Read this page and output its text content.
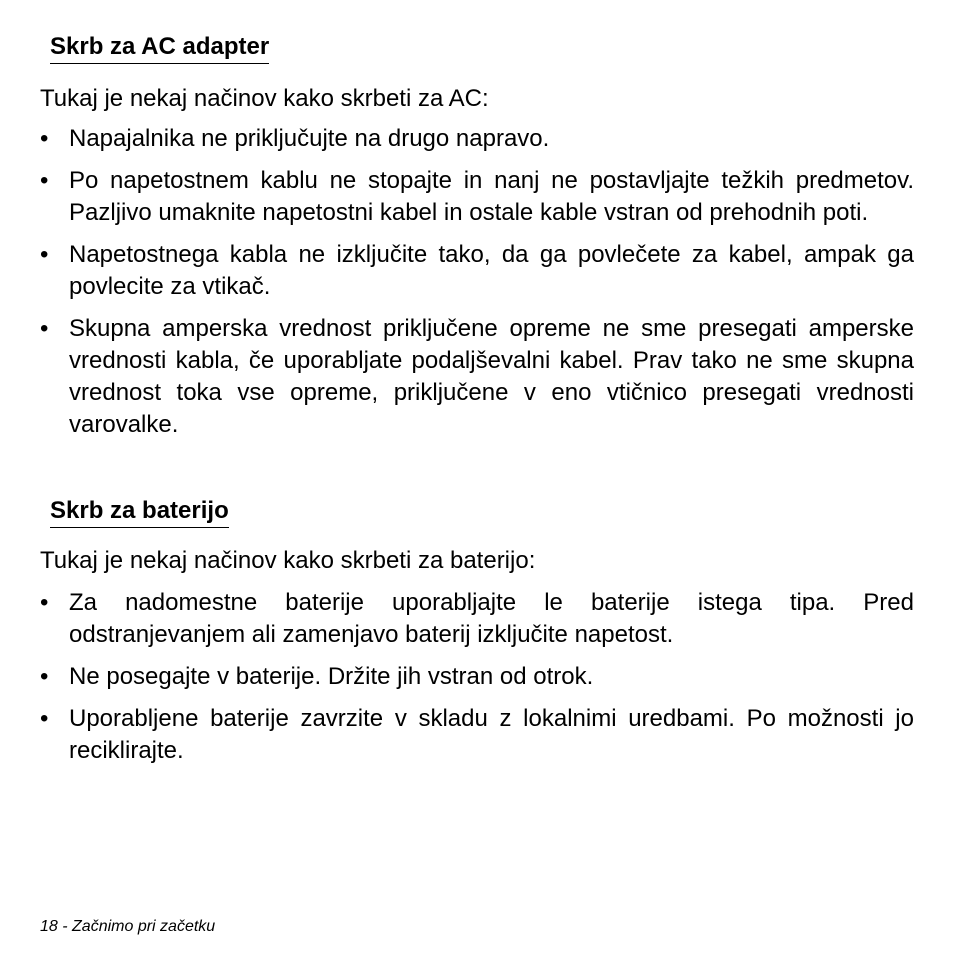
Skrb za AC adapter

Tukaj je nekaj načinov kako skrbeti za AC:

• Napajalnika ne priključujte na drugo napravo.
• Po napetostnem kablu ne stopajte in nanj ne postavljajte težkih predmetov. Pazljivo umaknite napetostni kabel in ostale kable vstran od prehodnih poti.
• Napetostnega kabla ne izključite tako, da ga povlečete za kabel, ampak ga povlecite za vtikač.
• Skupna amperska vrednost priključene opreme ne sme presegati amperske vrednosti kabla, če uporabljate podaljševalni kabel. Prav tako ne sme skupna vrednost toka vse opreme, priključene v eno vtičnico presegati vrednosti varovalke.
Skrb za baterijo

Tukaj je nekaj načinov kako skrbeti za baterijo:

• Za nadomestne baterije uporabljajte le baterije istega tipa. Pred odstranjevanjem ali zamenjavo baterij izključite napetost.
• Ne posegajte v baterije. Držite jih vstran od otrok.
• Uporabljene baterije zavrzite v skladu z lokalnimi uredbami. Po možnosti jo reciklirajte.
18 - Začnimo pri začetku
